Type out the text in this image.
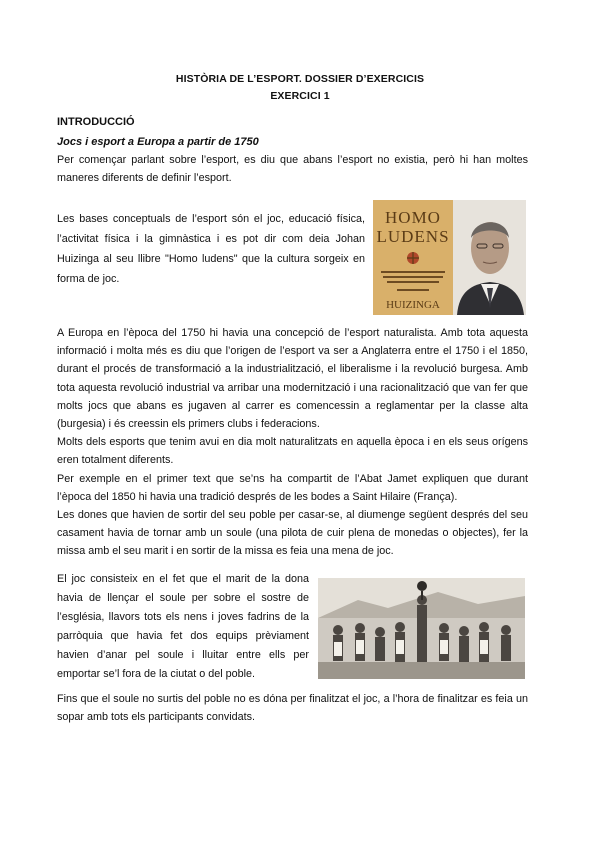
HISTÒRIA DE L’ESPORT. DOSSIER D’EXERCICIS
EXERCICI 1
INTRODUCCIÓ
Jocs i esport a Europa a partir de 1750
Per començar parlant sobre l’esport, es diu que abans l’esport no existia, però hi han moltes maneres diferents de definir l’esport.
Les bases conceptuals de l’esport són el joc, educació física, l’activitat física i la gimnàstica i es pot dir com deia Johan Huizinga al seu llibre "Homo ludens" que la cultura sorgeix en forma de joc.
HOMO
LUDENS
HUIZINGA
A Europa en l’època del 1750 hi havia una concepció de l’esport naturalista. Amb tota aquesta informació i molta més es diu que l’origen de l’esport va ser a Anglaterra entre el 1750 i el 1850, durant el procés de transformació a la industrialització, el liberalisme i la revolució burgesa. Amb tota aquesta revolució industrial va arribar una modernització i una racionalització que van fer que molts jocs que abans es jugaven al carrer es comencessin a reglamentar per la classe alta (burgesia) i és creessin els primers clubs i federacions.
Molts dels esports que tenim avui en dia molt naturalitzats en aquella època i en els seus orígens eren totalment diferents.
Per exemple en el primer text que se’ns ha compartit de l’Abat Jamet expliquen que durant l’època del 1850 hi havia una tradició després de les bodes a Saint Hilaire (França).
Les dones que havien de sortir del seu poble per casar-se, al diumenge següent després del seu casament havia de tornar amb un soule (una pilota de cuir plena de monedas o objectes), fer la missa amb el seu marit i en sortir de la missa es feia una mena de joc.
El joc consisteix en el fet que el marit de la dona havia de llençar el soule per sobre el sostre de l’església, llavors tots els nens i joves fadrins de la parròquia que havia fet dos equips prèviament havien d’anar pel soule i lluitar entre ells per emportar se’l fora de la ciutat o del poble.
Fins que el soule no surtis del poble no es dóna per finalitzat el joc, a l’hora de finalitzar es feia un sopar amb tots els participants convidats.
